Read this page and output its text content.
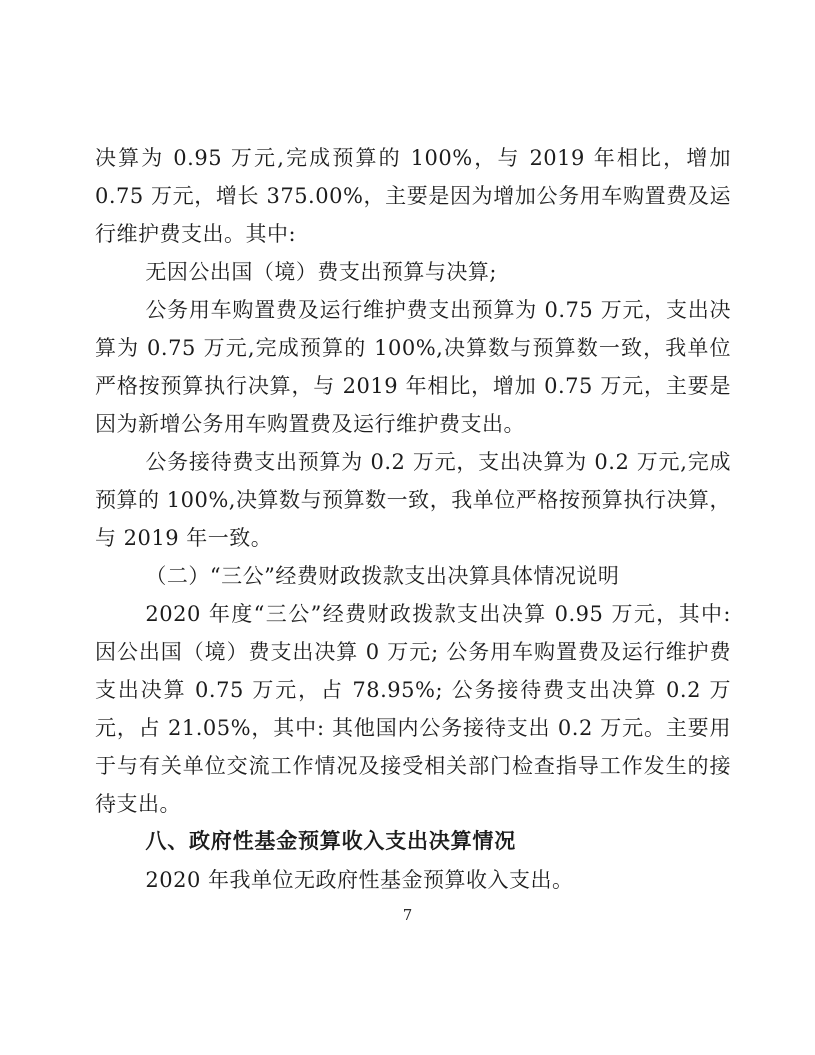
决算为 0.95 万元,完成预算的 100%，与 2019 年相比，增加 0.75 万元，增长 375.00%，主要是因为增加公务用车购置费及运行维护费支出。其中:

无因公出国（境）费支出预算与决算;

公务用车购置费及运行维护费支出预算为 0.75 万元，支出决算为 0.75 万元,完成预算的 100%,决算数与预算数一致，我单位严格按预算执行决算，与 2019 年相比，增加 0.75 万元，主要是因为新增公务用车购置费及运行维护费支出。

公务接待费支出预算为 0.2 万元，支出决算为 0.2 万元,完成预算的 100%,决算数与预算数一致，我单位严格按预算执行决算，与 2019 年一致。

（二）“三公”经费财政拨款支出决算具体情况说明

2020 年度“三公”经费财政拨款支出决算 0.95 万元，其中: 因公出国（境）费支出决算 0 万元; 公务用车购置费及运行维护费支出决算 0.75 万元，占 78.95%; 公务接待费支出决算 0.2 万元，占 21.05%，其中: 其他国内公务接待支出 0.2 万元。主要用于与有关单位交流工作情况及接受相关部门检查指导工作发生的接待支出。

八、政府性基金预算收入支出决算情况

2020 年我单位无政府性基金预算收入支出。

7
